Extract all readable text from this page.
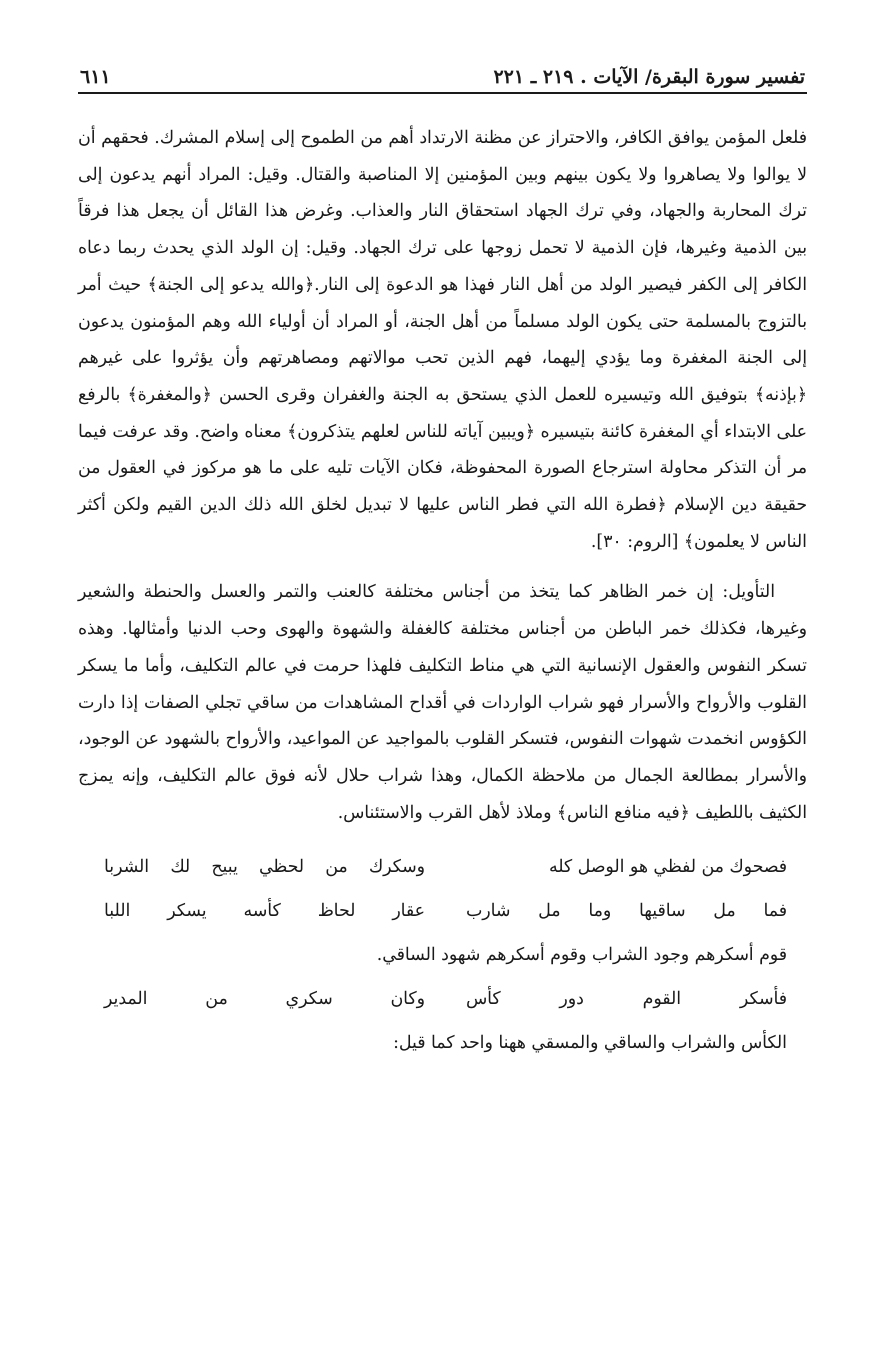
تفسير سورة البقرة/ الآيات . ٢١٩ ـ ٢٢١
٦١١

فلعل المؤمن يوافق الكافر، والاحتراز عن مظنة الارتداد أهم من الطموح إلى إسلام المشرك. فحقهم أن لا يوالوا ولا يصاهروا ولا يكون بينهم وبين المؤمنين إلا المناصبة والقتال. وقيل: المراد أنهم يدعون إلى ترك المحاربة والجهاد، وفي ترك الجهاد استحقاق النار والعذاب. وغرض هذا القائل أن يجعل هذا فرقاً بين الذمية وغيرها، فإن الذمية لا تحمل زوجها على ترك الجهاد. وقيل: إن الولد الذي يحدث ربما دعاه الكافر إلى الكفر فيصير الولد من أهل النار فهذا هو الدعوة إلى النار.﴿والله يدعو إلى الجنة﴾ حيث أمر بالتزوج بالمسلمة حتى يكون الولد مسلماً من أهل الجنة، أو المراد أن أولياء الله وهم المؤمنون يدعون إلى الجنة المغفرة وما يؤدي إليهما، فهم الذين تحب موالاتهم ومصاهرتهم وأن يؤثروا على غيرهم ﴿بإذنه﴾ بتوفيق الله وتيسيره للعمل الذي يستحق به الجنة والغفران وقرى الحسن ﴿والمغفرة﴾ بالرفع على الابتداء أي المغفرة كائنة بتيسيره ﴿ويبين آياته للناس لعلهم يتذكرون﴾ معناه واضح. وقد عرفت فيما مر أن التذكر محاولة استرجاع الصورة المحفوظة، فكان الآيات تليه على ما هو مركوز في العقول من حقيقة دين الإسلام ﴿فطرة الله التي فطر الناس عليها لا تبديل لخلق الله ذلك الدين القيم ولكن أكثر الناس لا يعلمون﴾ [الروم: ٣٠].

التأويل: إن خمر الظاهر كما يتخذ من أجناس مختلفة كالعنب والتمر والعسل والحنطة والشعير وغيرها، فكذلك خمر الباطن من أجناس مختلفة كالغفلة والشهوة والهوى وحب الدنيا وأمثالها. وهذه تسكر النفوس والعقول الإنسانية التي هي مناط التكليف فلهذا حرمت في عالم التكليف، وأما ما يسكر القلوب والأرواح والأسرار فهو شراب الواردات في أقداح المشاهدات من ساقي تجلي الصفات إذا دارت الكؤوس انخمدت شهوات النفوس، فتسكر القلوب بالمواجيد عن المواعيد، والأرواح بالشهود عن الوجود، والأسرار بمطالعة الجمال من ملاحظة الكمال، وهذا شراب حلال لأنه فوق عالم التكليف، وإنه يمزج الكثيف باللطيف ﴿فيه منافع الناس﴾ وملاذ لأهل القرب والاستئناس.

فصحوك من لفظي هو الوصل كله
وسكرك من لحظي يبيح لك الشربا
فما مل ساقيها وما مل شارب
عقار لحاظ كأسه يسكر اللبا
قوم أسكرهم وجود الشراب وقوم أسكرهم شهود الساقي.
فأسكر القوم دور كأس
وكان سكري من المدير
الكأس والشراب والساقي والمسقي ههنا واحد كما قيل:
